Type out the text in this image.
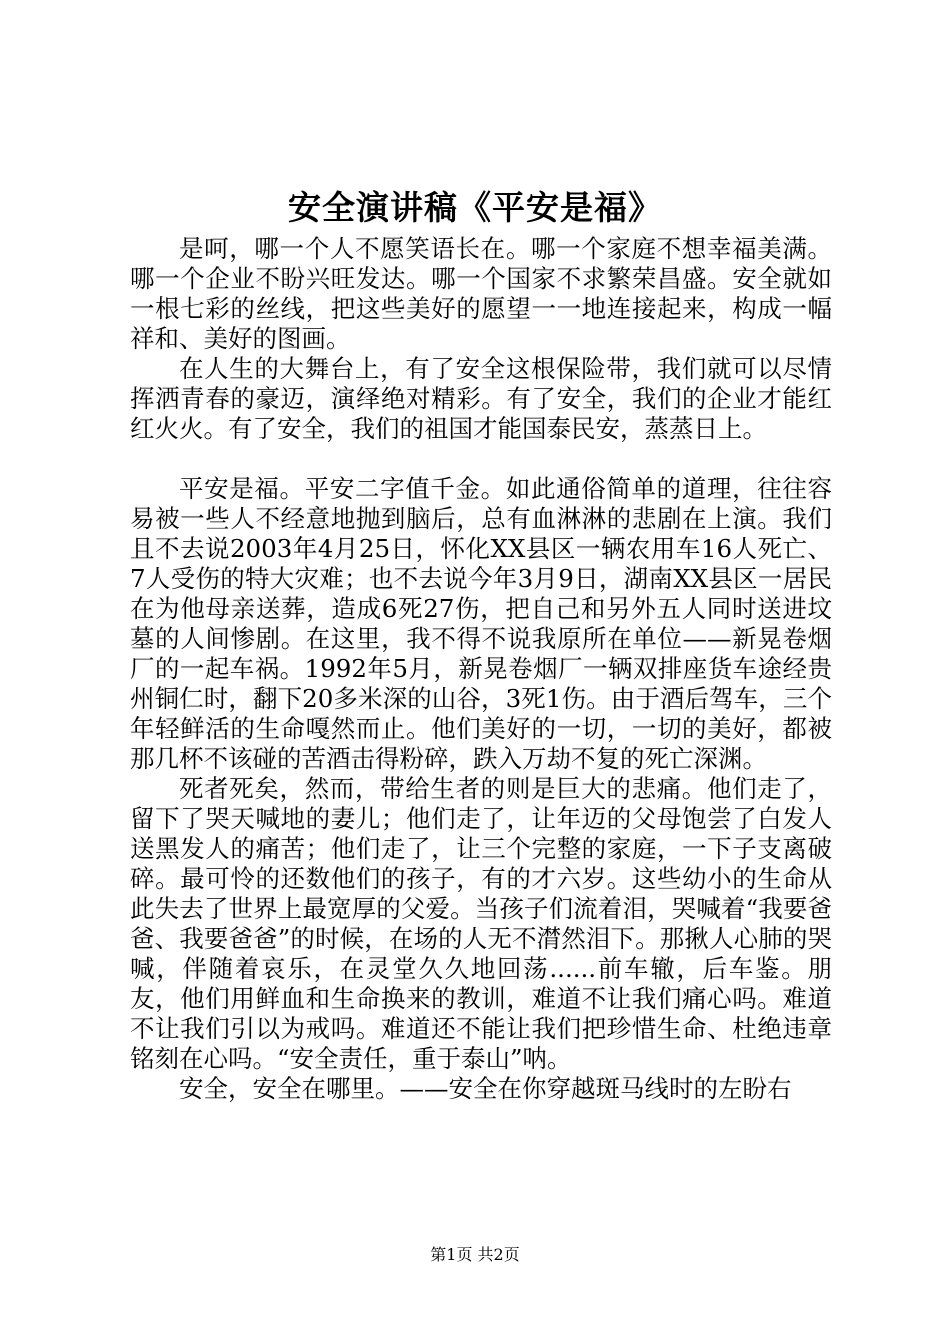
安全演讲稿《平安是福》

是呵，哪一个人不愿笑语长在。哪一个家庭不想幸福美满。哪一个企业不盼兴旺发达。哪一个国家不求繁荣昌盛。安全就如一根七彩的丝线，把这些美好的愿望一一地连接起来，构成一幅祥和、美好的图画。

在人生的大舞台上，有了安全这根保险带，我们就可以尽情挥洒青春的豪迈，演绎绝对精彩。有了安全，我们的企业才能红红火火。有了安全，我们的祖国才能国泰民安，蒸蒸日上。

平安是福。平安二字值千金。如此通俗简单的道理，往往容易被一些人不经意地抛到脑后，总有血淋淋的悲剧在上演。我们且不去说2003年4月25日，怀化XX县区一辆农用车16人死亡、7人受伤的特大灾难；也不去说今年3月9日，湖南XX县区一居民在为他母亲送葬，造成6死27伤，把自己和另外五人同时送进坟墓的人间惨剧。在这里，我不得不说我原所在单位——新晃卷烟厂的一起车祸。1992年5月，新晃卷烟厂一辆双排座货车途经贵州铜仁时，翻下20多米深的山谷，3死1伤。由于酒后驾车，三个年轻鲜活的生命嘎然而止。他们美好的一切，一切的美好，都被那几杯不该碰的苦酒击得粉碎，跌入万劫不复的死亡深渊。

死者死矣，然而，带给生者的则是巨大的悲痛。他们走了，留下了哭天喊地的妻儿；他们走了，让年迈的父母饱尝了白发人送黑发人的痛苦；他们走了，让三个完整的家庭，一下子支离破碎。最可怜的还数他们的孩子，有的才六岁。这些幼小的生命从此失去了世界上最宽厚的父爱。当孩子们流着泪，哭喊着“我要爸爸、我要爸爸”的时候，在场的人无不潸然泪下。那揪人心肺的哭喊，伴随着哀乐，在灵堂久久地回荡......前车辙，后车鉴。朋友，他们用鲜血和生命换来的教训，难道不让我们痛心吗。难道不让我们引以为戒吗。难道还不能让我们把珍惜生命、杜绝违章铭刻在心吗。“安全责任，重于泰山”呐。

安全，安全在哪里。——安全在你穿越斑马线时的左盼右

第1页 共2页
